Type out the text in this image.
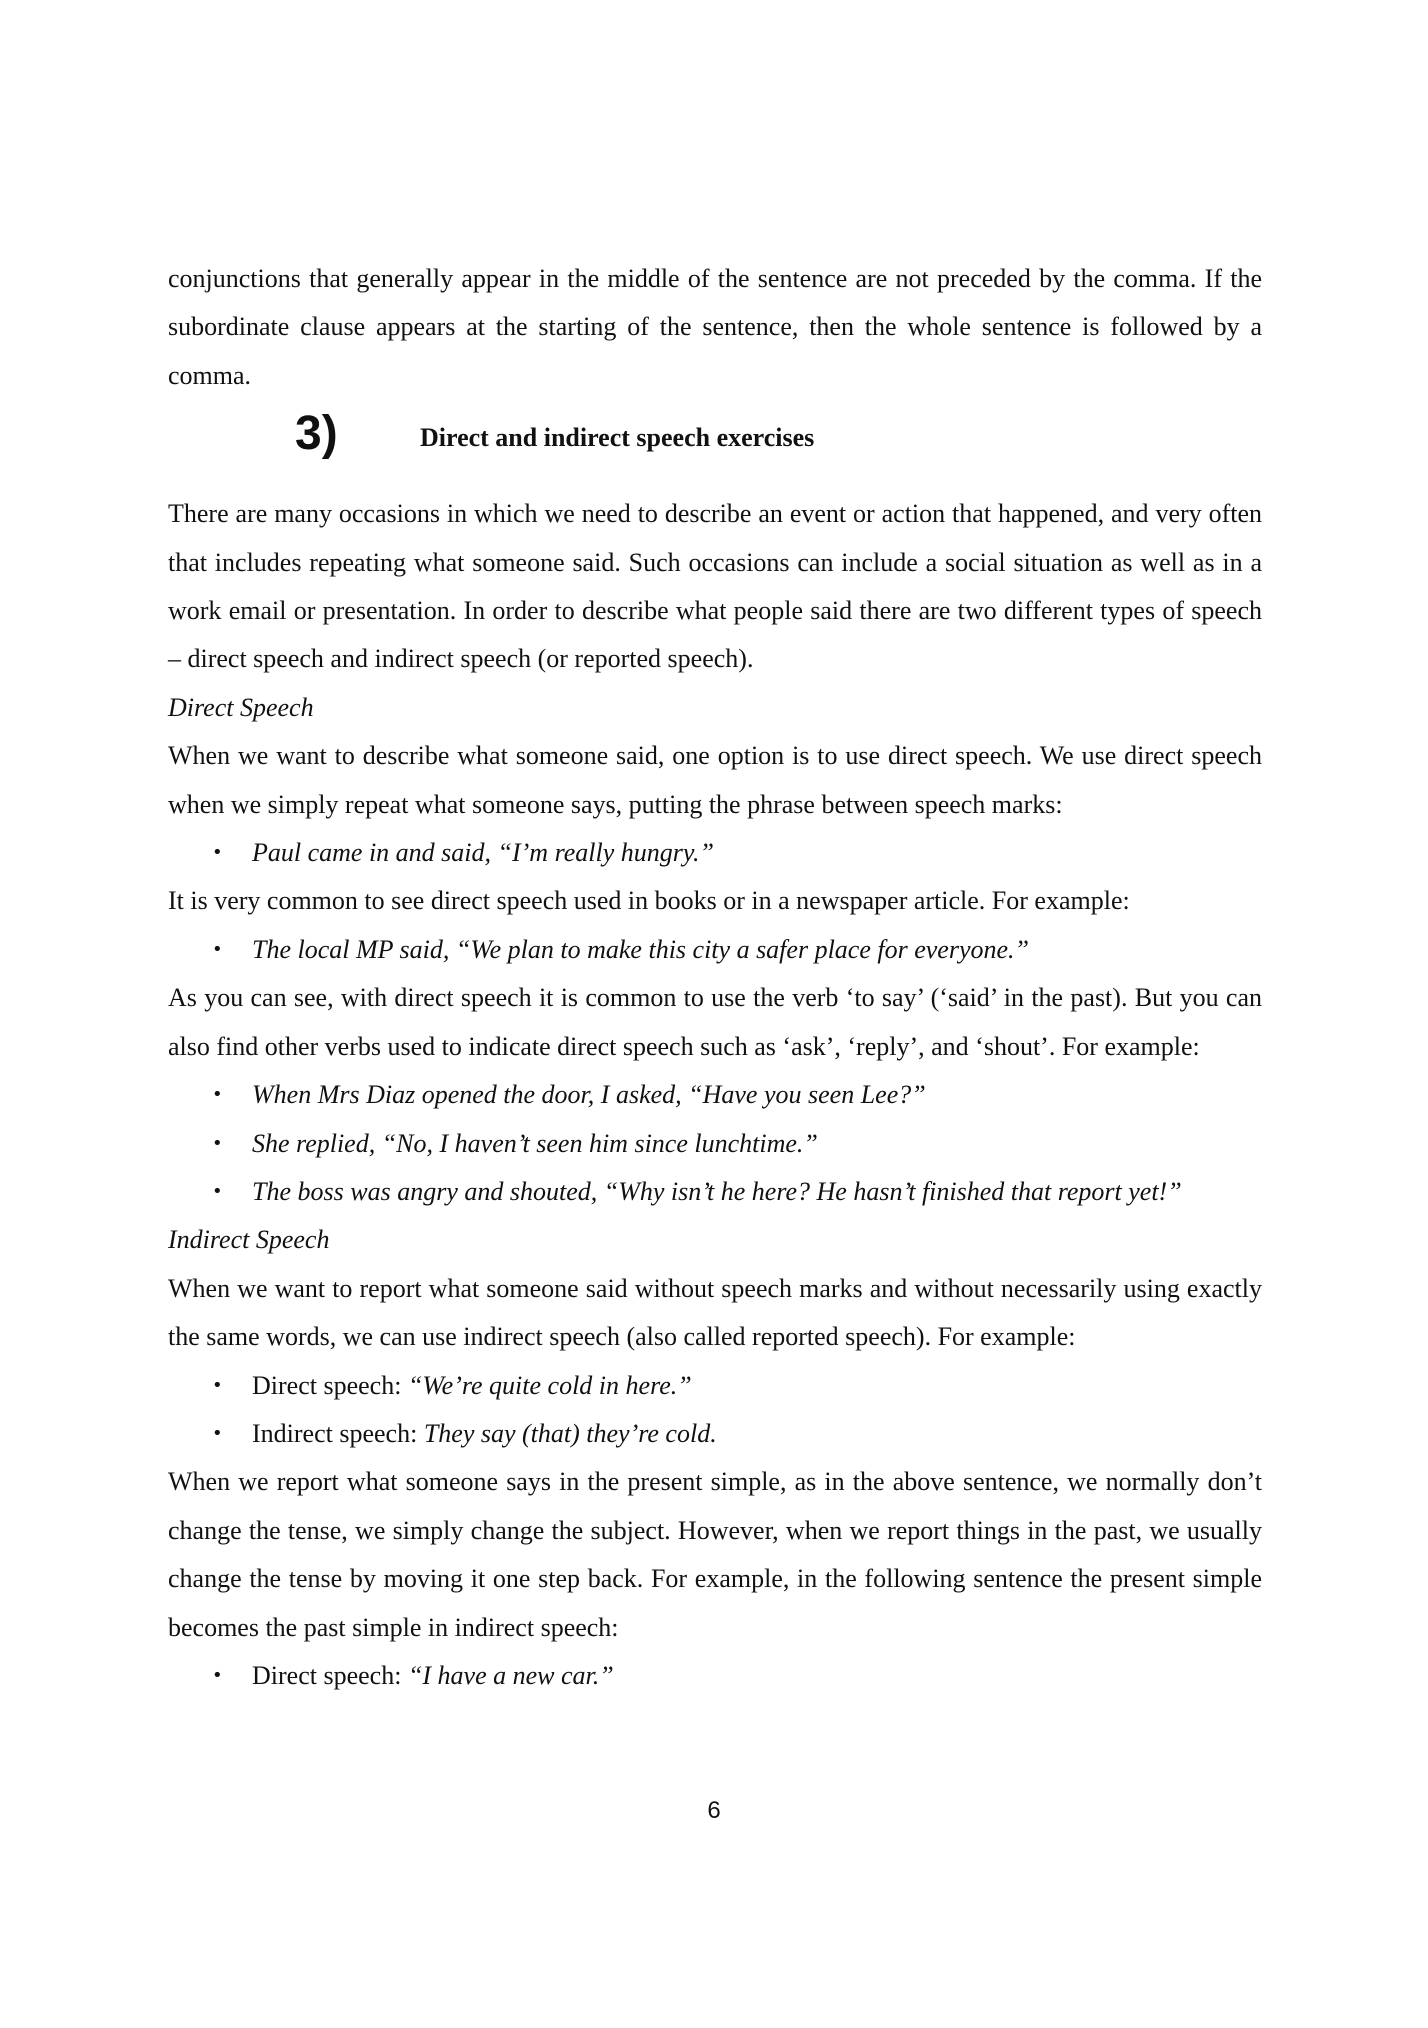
conjunctions that generally appear in the middle of the sentence are not preceded by the comma. If the subordinate clause appears at the starting of the sentence, then the whole sentence is followed by a comma.

3)	Direct and indirect speech exercises

There are many occasions in which we need to describe an event or action that happened, and very often that includes repeating what someone said. Such occasions can include a social situation as well as in a work email or presentation. In order to describe what people said there are two different types of speech – direct speech and indirect speech (or reported speech).

Direct Speech

When we want to describe what someone said, one option is to use direct speech. We use direct speech when we simply repeat what someone says, putting the phrase between speech marks:

• Paul came in and said, “I’m really hungry.”

It is very common to see direct speech used in books or in a newspaper article. For example:

• The local MP said, “We plan to make this city a safer place for everyone.”

As you can see, with direct speech it is common to use the verb ‘to say’ (‘said’ in the past). But you can also find other verbs used to indicate direct speech such as ‘ask’, ‘reply’, and ‘shout’. For example:

• When Mrs Diaz opened the door, I asked, “Have you seen Lee?”
• She replied, “No, I haven’t seen him since lunchtime.”
• The boss was angry and shouted, “Why isn’t he here? He hasn’t finished that report yet!”
Indirect Speech

When we want to report what someone said without speech marks and without necessarily using exactly the same words, we can use indirect speech (also called reported speech). For example:

• Direct speech: “We’re quite cold in here.”
• Indirect speech: They say (that) they’re cold.

When we report what someone says in the present simple, as in the above sentence, we normally don’t change the tense, we simply change the subject. However, when we report things in the past, we usually change the tense by moving it one step back. For example, in the following sentence the present simple becomes the past simple in indirect speech:

• Direct speech: “I have a new car.”
6
